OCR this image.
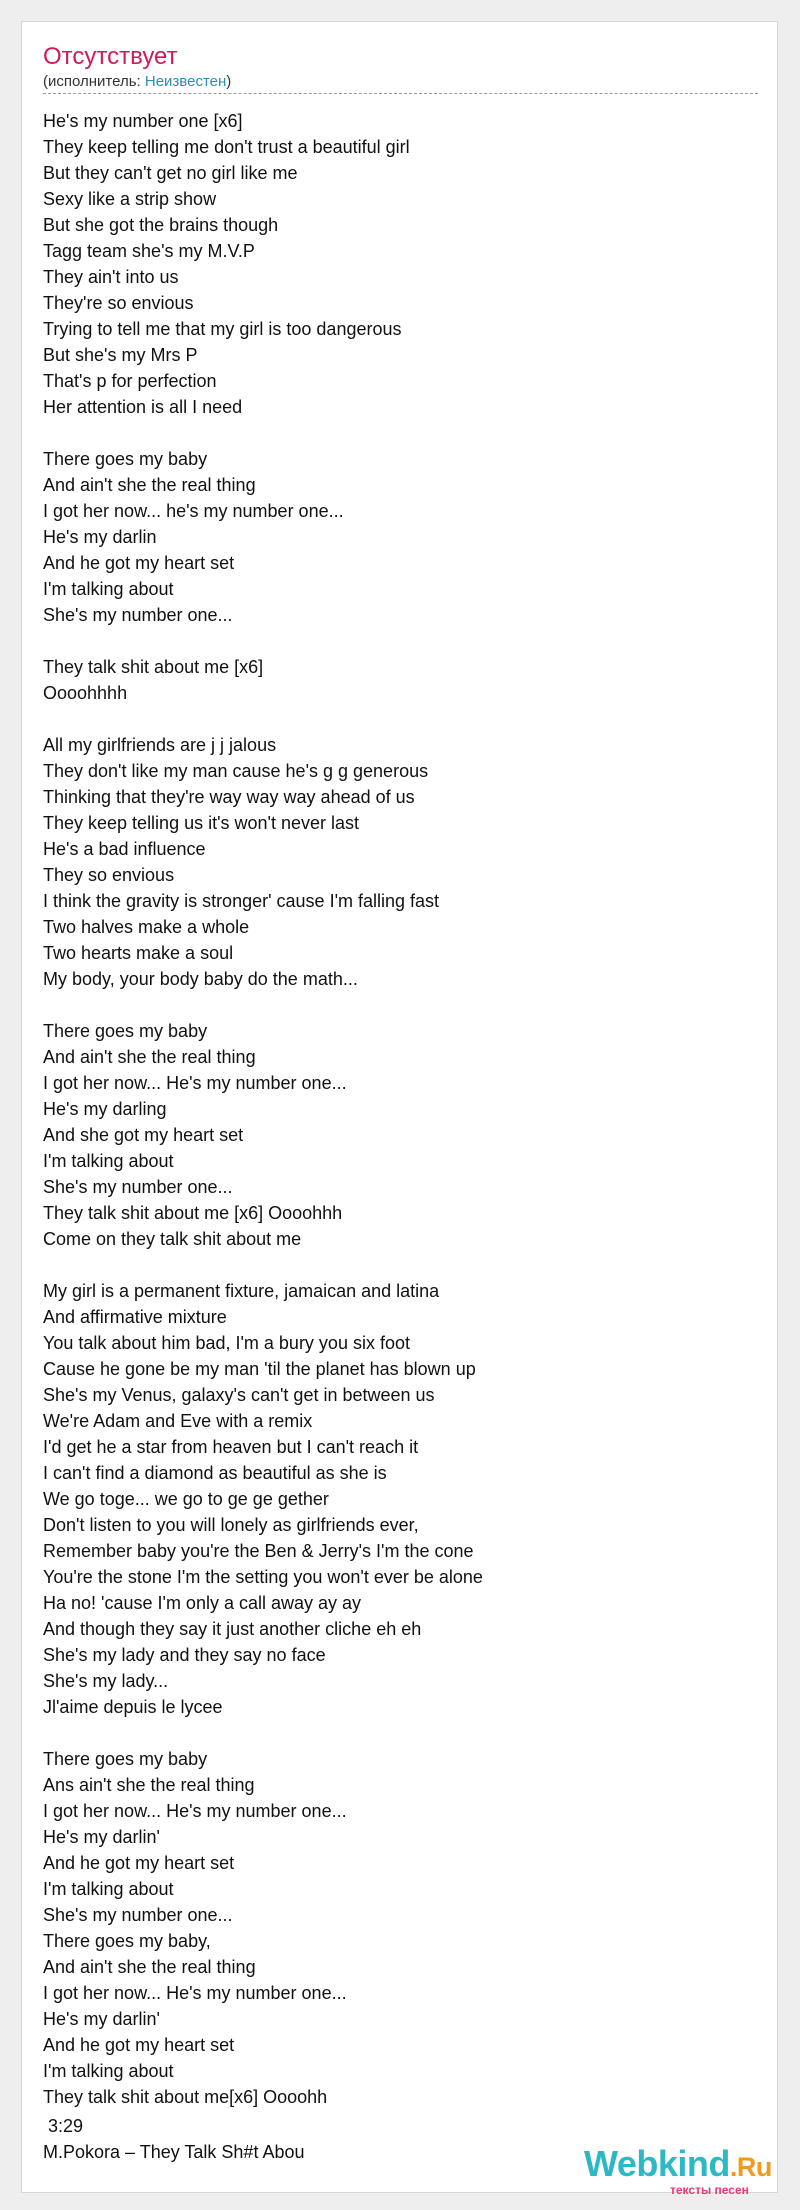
Отсутствует
(исполнитель: Неизвестен)
He's my number one [x6]
They keep telling me don't trust a beautiful girl
But they can't get no girl like me
Sexy like a strip show
But she got the brains though
Tagg team she's my M.V.P
They ain't into us
They're so envious
Trying to tell me that my girl is too dangerous
But she's my Mrs P
That's p for perfection
Her attention is all I need
There goes my baby
And ain't she the real thing
I got her now... he's my number one...
He's my darlin
And he got my heart set
I'm talking about
She's my number one...
They talk shit about me [x6]
Oooohhhh
All my girlfriends are j j jalous
They don't like my man cause he's g g generous
Thinking that they're way way way ahead of us
They keep telling us it's won't never last
He's a bad influence
They so envious
I think the gravity is stronger' cause I'm falling fast
Two halves make a whole
Two hearts make a soul
My body, your body baby do the math...
There goes my baby
And ain't she the real thing
I got her now... He's my number one...
He's my darling
And she got my heart set
I'm talking about
She's my number one...
They talk shit about me [x6] Oooohhh
Come on they talk shit about me
My girl is a permanent fixture, jamaican and latina
And affirmative mixture
You talk about him bad, I'm a bury you six foot
Cause he gone be my man 'til the planet has blown up
She's my Venus, galaxy's can't get in between us
We're Adam and Eve with a remix
I'd get he a star from heaven but I can't reach it
I can't find a diamond as beautiful as she is
We go toge... we go to ge ge gether
Don't listen to you will lonely as girlfriends ever,
Remember baby you're the Ben & Jerry's I'm the cone
You're the stone I'm the setting you won't ever be alone
Ha no! 'cause I'm only a call away ay ay
And though they say it just another cliche eh eh
She's my lady and they say no face
She's my lady...
Jl'aime depuis le lycee
There goes my baby
Ans ain't she the real thing
I got her now... He's my number one...
He's my darlin'
And he got my heart set
I'm talking about
She's my number one...
There goes my baby,
And ain't she the real thing
I got her now... He's my number one...
He's my darlin'
And he got my heart set
I'm talking about
They talk shit about me[x6] Oooohh
3:29
M.Pokora – They Talk Sh#t Abou	Webkind.Ru
тексты песен
